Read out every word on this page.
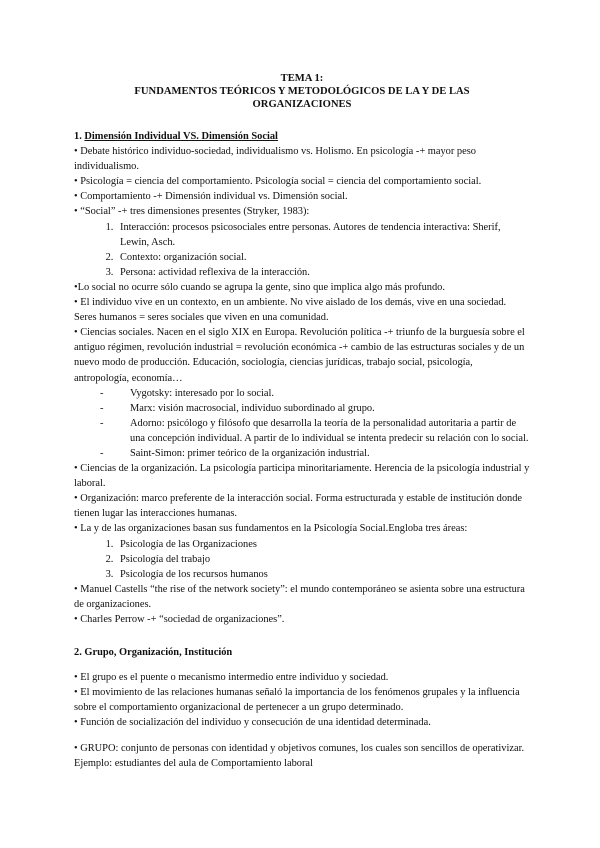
TEMA 1:
FUNDAMENTOS TEÓRICOS Y METODOLÓGICOS DE LA Y DE LAS
ORGANIZACIONES
1. Dimensión Individual VS. Dimensión Social

• Debate histórico individuo-sociedad, individualismo vs. Holismo. En psicología -+ mayor peso individualismo.

• Psicología = ciencia del comportamiento. Psicología social = ciencia del comportamiento social.

• Comportamiento -+ Dimensión individual vs. Dimensión social.

• “Social” -+ tres dimensiones presentes (Stryker, 1983):

1. Interacción: procesos psicosociales entre personas. Autores de tendencia interactiva: Sherif, Lewin, Asch.
2. Contexto: organización social.
3. Persona: actividad reflexiva de la interacción.

•Lo social no ocurre sólo cuando se agrupa la gente, sino que implica algo más profundo.

• El individuo vive en un contexto, en un ambiente. No vive aislado de los demás, vive en una sociedad. Seres humanos = seres sociales que viven en una comunidad.

• Ciencias sociales. Nacen en el siglo XIX en Europa. Revolución política -+ triunfo de la burguesía sobre el antiguo régimen, revolución industrial = revolución económica -+ cambio de las estructuras sociales y de un nuevo modo de producción. Educación, sociología, ciencias jurídicas, trabajo social, psicología, antropología, economía…

- Vygotsky: interesado por lo social.
- Marx: visión macrosocial, individuo subordinado al grupo.
- Adorno: psicólogo y filósofo que desarrolla la teoría de la personalidad autoritaria a partir de una concepción individual. A partir de lo individual se intenta predecir su relación con lo social.
- Saint-Simon: primer teórico de la organización industrial.

• Ciencias de la organización. La psicología participa minoritariamente. Herencia de la psicología industrial y laboral.

• Organización: marco preferente de la interacción social. Forma estructurada y estable de institución donde tienen lugar las interacciones humanas.

• La y de las organizaciones basan sus fundamentos en la Psicología Social.Engloba tres áreas:

1. Psicología de las Organizaciones
2. Psicología del trabajo
3. Psicología de los recursos humanos

• Manuel Castells “the rise of the network society”: el mundo contemporáneo se asienta sobre una estructura de organizaciones.

• Charles Perrow -+ “sociedad de organizaciones”.

2. Grupo, Organización, Institución

• El grupo es el puente o mecanismo intermedio entre individuo y sociedad.

• El movimiento de las relaciones humanas señaló la importancia de los fenómenos grupales y la influencia sobre el comportamiento organizacional de pertenecer a un grupo determinado.

• Función de socialización del individuo y consecución de una identidad determinada.

• GRUPO: conjunto de personas con identidad y objetivos comunes, los cuales son sencillos de operativizar. Ejemplo: estudiantes del aula de Comportamiento laboral
